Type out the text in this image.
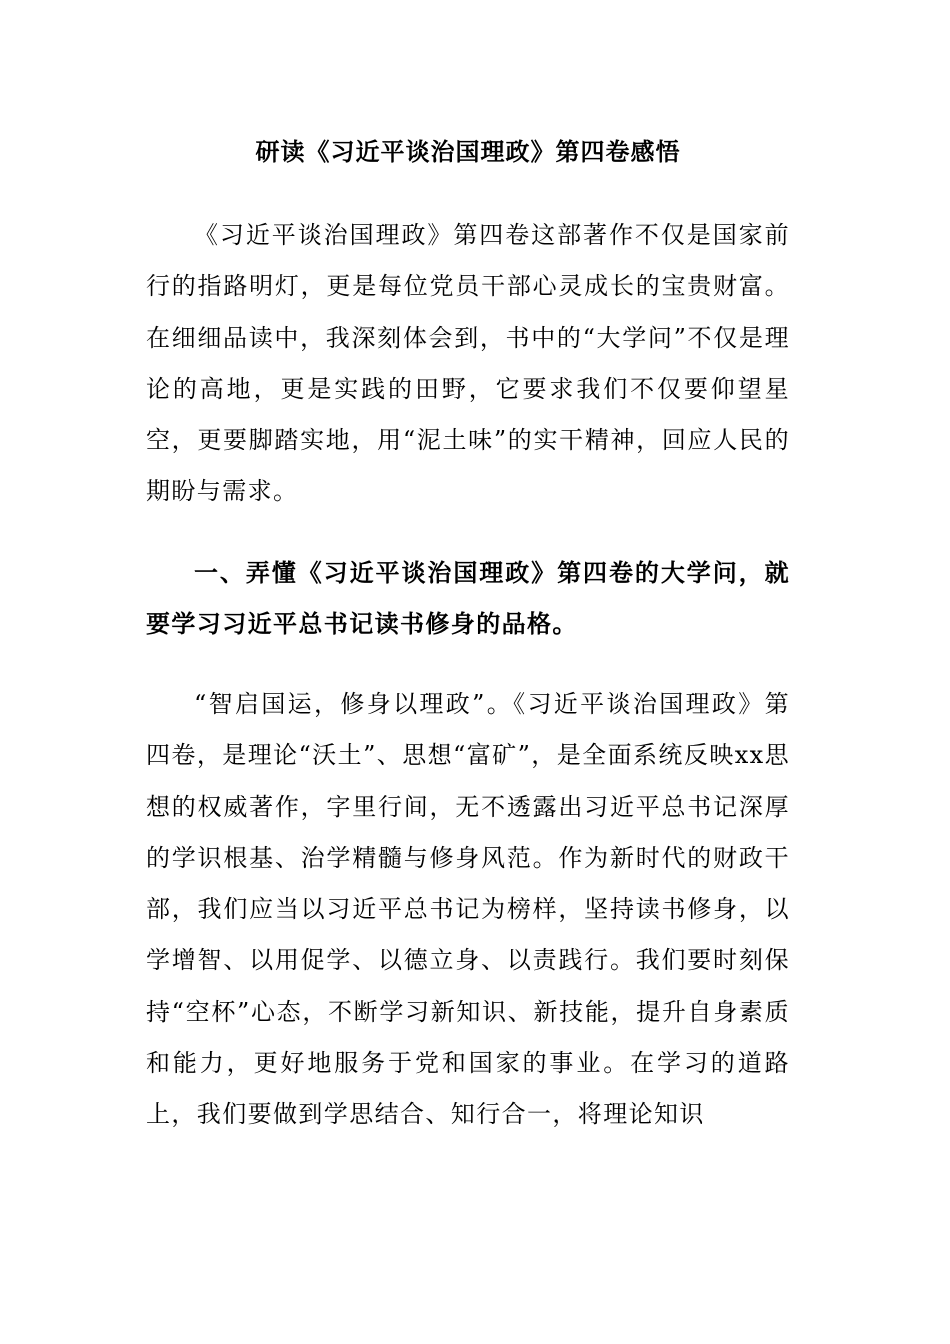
研读《习近平谈治国理政》第四卷感悟

《习近平谈治国理政》第四卷这部著作不仅是国家前行的指路明灯，更是每位党员干部心灵成长的宝贵财富。在细细品读中，我深刻体会到，书中的“大学问”不仅是理论的高地，更是实践的田野，它要求我们不仅要仰望星空，更要脚踏实地，用“泥土味”的实干精神，回应人民的期盼与需求。

一、弄懂《习近平谈治国理政》第四卷的大学问，就要学习习近平总书记读书修身的品格。

“智启国运，修身以理政”。《习近平谈治国理政》第四卷，是理论“沃土”、思想“富矿”，是全面系统反映xx思想的权威著作，字里行间，无不透露出习近平总书记深厚的学识根基、治学精髓与修身风范。作为新时代的财政干部，我们应当以习近平总书记为榜样，坚持读书修身，以学增智、以用促学、以德立身、以责践行。我们要时刻保持“空杯”心态，不断学习新知识、新技能，提升自身素质和能力，更好地服务于党和国家的事业。在学习的道路上，我们要做到学思结合、知行合一，将理论知识
